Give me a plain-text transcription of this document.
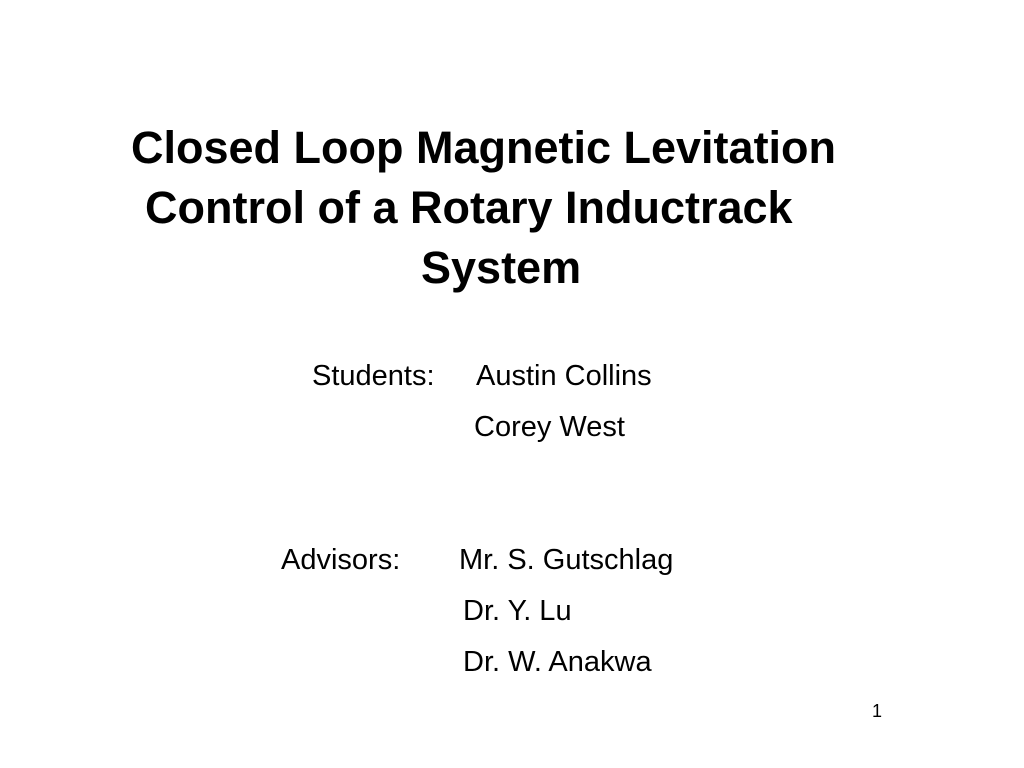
Closed Loop Magnetic Levitation
Control of a Rotary Inductrack
System
Students: Austin Collins
Corey West
Advisors: Mr. S. Gutschlag
Dr. Y. Lu
Dr. W. Anakwa
1
